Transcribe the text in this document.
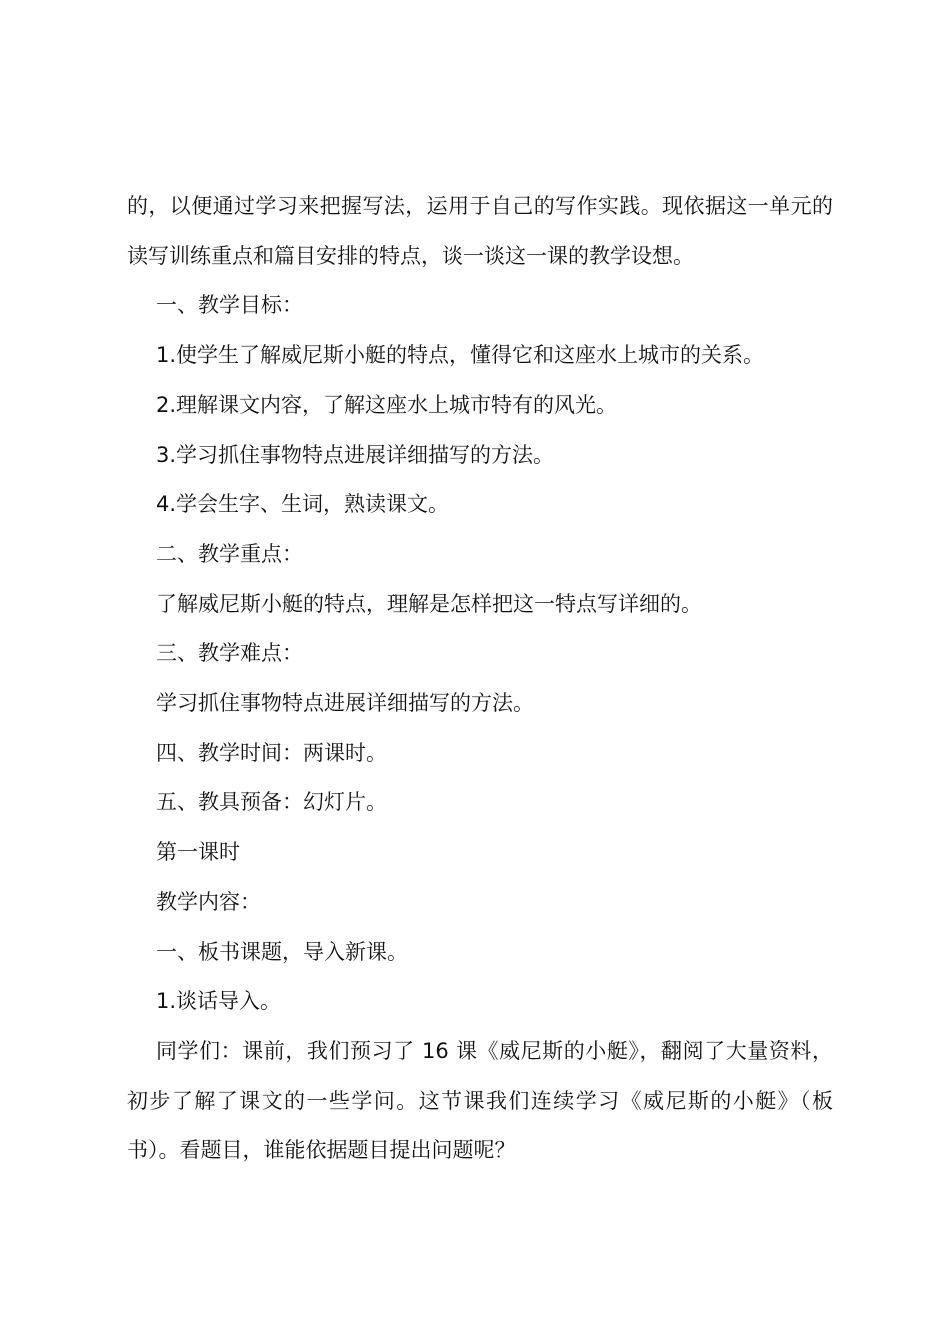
的，以便通过学习来把握写法，运用于自己的写作实践。现依据这一单元的读写训练重点和篇目安排的特点，谈一谈这一课的教学设想。

一、教学目标：

1.使学生了解威尼斯小艇的特点，懂得它和这座水上城市的关系。

2.理解课文内容，了解这座水上城市特有的风光。

3.学习抓住事物特点进展详细描写的方法。

4.学会生字、生词，熟读课文。

二、教学重点：

了解威尼斯小艇的特点，理解是怎样把这一特点写详细的。

三、教学难点：

学习抓住事物特点进展详细描写的方法。

四、教学时间：两课时。

五、教具预备：幻灯片。

第一课时

教学内容：

一、板书课题，导入新课。

1.谈话导入。

同学们：课前，我们预习了 16 课《威尼斯的小艇》，翻阅了大量资料，初步了解了课文的一些学问。这节课我们连续学习《威尼斯的小艇》（板书）。看题目，谁能依据题目提出问题呢？
